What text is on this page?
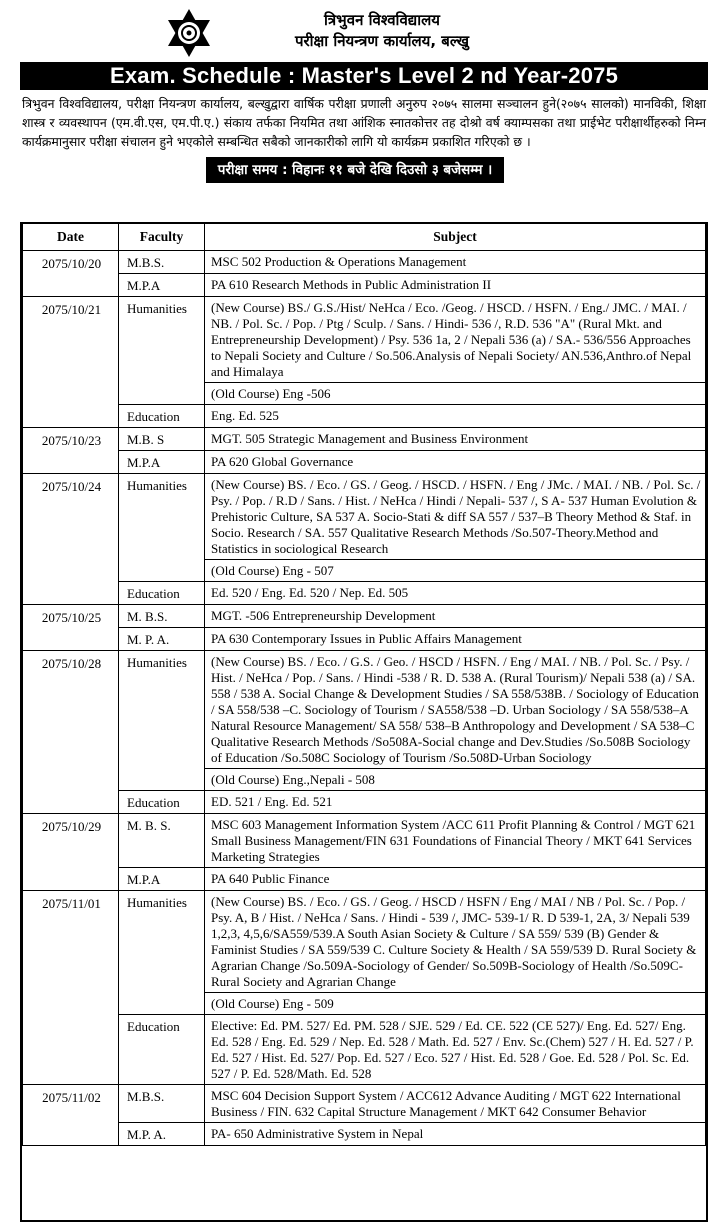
त्रिभुवन विश्वविद्यालय
परीक्षा नियन्त्रण कार्यालय, बल्खु
Exam. Schedule : Master's Level 2 nd Year-2075
त्रिभुवन विश्वविद्यालय, परीक्षा नियन्त्रण कार्यालय, बल्खुद्वारा वार्षिक परीक्षा प्रणाली अनुरुप २०७५ सालमा सञ्चालन हुने(२०७५ सालको) मानविकी, शिक्षा शास्त्र र व्यवस्थापन (एम.वी.एस, एम.पी.ए.) संकाय तर्फका नियमित तथा आंशिक स्नातकोत्तर तह दोश्रो वर्ष क्याम्पसका तथा प्राईभेट परीक्षार्थीहरुको निम्न कार्यक्रमानुसार परीक्षा संचालन हुने भएकोले सम्बन्धित सबैको जानकारीको लागि यो कार्यक्रम प्रकाशित गरिएको छ ।
परीक्षा समय : विहानः ११ बजे देखि दिउसो ३ बजेसम्म ।
Date	Faculty	Subject
2075/10/20	M.B.S.	MSC 502 Production & Operations Management
	M.P.A	PA 610 Research Methods in Public Administration II
2075/10/21	Humanities	(New Course) BS./ G.S./Hist/ NeHca / Eco. /Geog. / HSCD. / HSFN. / Eng./ JMC. / MAI. / NB. / Pol. Sc. / Pop. / Ptg / Sculp. / Sans. / Hindi- 536 /, R.D. 536 "A" (Rural Mkt. and Entrepreneurship Development) / Psy. 536 1a, 2 / Nepali 536 (a) / SA.- 536/556 Approaches to Nepali Society and Culture / So.506.Analysis of Nepali Society/ AN.536,Anthro.of Nepal and Himalaya
		(Old Course) Eng -506
	Education	Eng. Ed. 525
2075/10/23	M.B. S	MGT. 505 Strategic Management and Business Environment
	M.P.A	PA 620 Global Governance
2075/10/24	Humanities	(New Course) BS. / Eco. / GS. / Geog. / HSCD. / HSFN. / Eng / JMc. / MAI. / NB. / Pol. Sc. / Psy. / Pop. / R.D / Sans. / Hist. / NeHca / Hindi / Nepali- 537 /, S A- 537 Human Evolution & Prehistoric Culture, SA 537 A. Socio-Stati & diff SA 557 / 537–B Theory Method & Staf. in Socio. Research / SA. 557 Qualitative Research Methods /So.507-Theory.Method and Statistics in sociological Research
		(Old Course) Eng - 507
	Education	Ed. 520 / Eng. Ed. 520 / Nep. Ed. 505
2075/10/25	M. B.S.	MGT. -506 Entrepreneurship Development
	M. P. A.	PA 630 Contemporary Issues in Public Affairs Management
2075/10/28	Humanities	(New Course) BS. / Eco. / G.S. / Geo. / HSCD / HSFN. / Eng / MAI. / NB. / Pol. Sc. / Psy. / Hist. / NeHca / Pop. / Sans. / Hindi -538 / R. D. 538 A. (Rural Tourism)/ Nepali 538 (a) / SA. 558 / 538 A. Social Change & Development Studies / SA 558/538B. / Sociology of Education / SA 558/538 –C. Sociology of Tourism / SA558/538 –D. Urban Sociology / SA 558/538–A Natural Resource Management/ SA 558/ 538–B Anthropology and Development / SA 538–C Qualitative Research Methods /So508A-Social change and Dev.Studies /So.508B Sociology of Education /So.508C Sociology of Tourism /So.508D-Urban Sociology
		(Old Course) Eng.,Nepali - 508
	Education	ED. 521 / Eng. Ed. 521
2075/10/29	M. B. S.	MSC 603 Management Information System /ACC 611 Profit Planning & Control / MGT 621 Small Business Management/FIN 631 Foundations of Financial Theory / MKT 641 Services Marketing Strategies
	M.P.A	PA 640 Public Finance
2075/11/01	Humanities	(New Course) BS. / Eco. / GS. / Geog. / HSCD / HSFN / Eng / MAI / NB / Pol. Sc. / Pop. / Psy. A, B / Hist. / NeHca / Sans. / Hindi - 539 /, JMC- 539-1/ R. D 539-1, 2A, 3/ Nepali 539 1,2,3, 4,5,6/SA559/539.A South Asian Society & Culture / SA 559/ 539 (B) Gender & Faminist Studies / SA 559/539 C. Culture Society & Health / SA 559/539 D. Rural Society & Agrarian Change /So.509A-Sociology of Gender/ So.509B-Sociology of Health /So.509C-Rural Society and Agrarian Change
		(Old Course) Eng - 509
	Education	Elective: Ed. PM. 527/ Ed. PM. 528 / SJE. 529 / Ed. CE. 522 (CE 527)/ Eng. Ed. 527/ Eng. Ed. 528 / Eng. Ed. 529 / Nep. Ed. 528 / Math. Ed. 527 / Env. Sc.(Chem) 527 / H. Ed. 527 / P. Ed. 527 / Hist. Ed. 527/ Pop. Ed. 527 / Eco. 527 / Hist. Ed. 528 / Goe. Ed. 528 / Pol. Sc. Ed. 527 / P. Ed. 528/Math. Ed. 528
2075/11/02	M.B.S.	MSC 604 Decision Support System / ACC612 Advance Auditing / MGT 622 International Business / FIN. 632 Capital Structure Management / MKT 642 Consumer Behavior
	M.P. A.	PA- 650 Administrative System in Nepal
